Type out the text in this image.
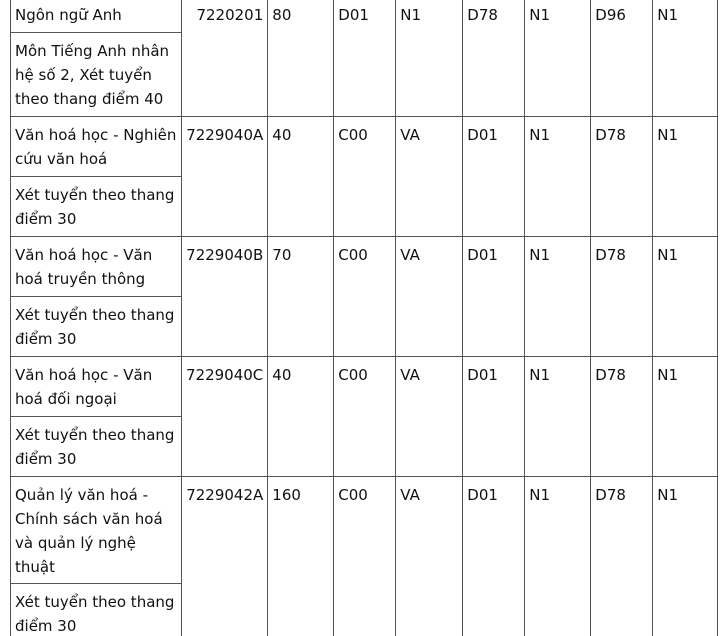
Ngôn ngữ Anh	7220201	80	D01	N1	D78	N1	D96	N1
Môn Tiếng Anh nhân hệ số 2, Xét tuyển theo thang điểm 40								
Văn hoá học - Nghiên cứu văn hoá	7229040A	40	C00	VA	D01	N1	D78	N1
Xét tuyển theo thang điểm 30								
Văn hoá học - Văn hoá truyền thông	7229040B	70	C00	VA	D01	N1	D78	N1
Xét tuyển theo thang điểm 30								
Văn hoá học - Văn hoá đối ngoại	7229040C	40	C00	VA	D01	N1	D78	N1
Xét tuyển theo thang điểm 30								
Quản lý văn hoá - Chính sách văn hoá và quản lý nghệ thuật	7229042A	160	C00	VA	D01	N1	D78	N1
Xét tuyển theo thang điểm 30								
